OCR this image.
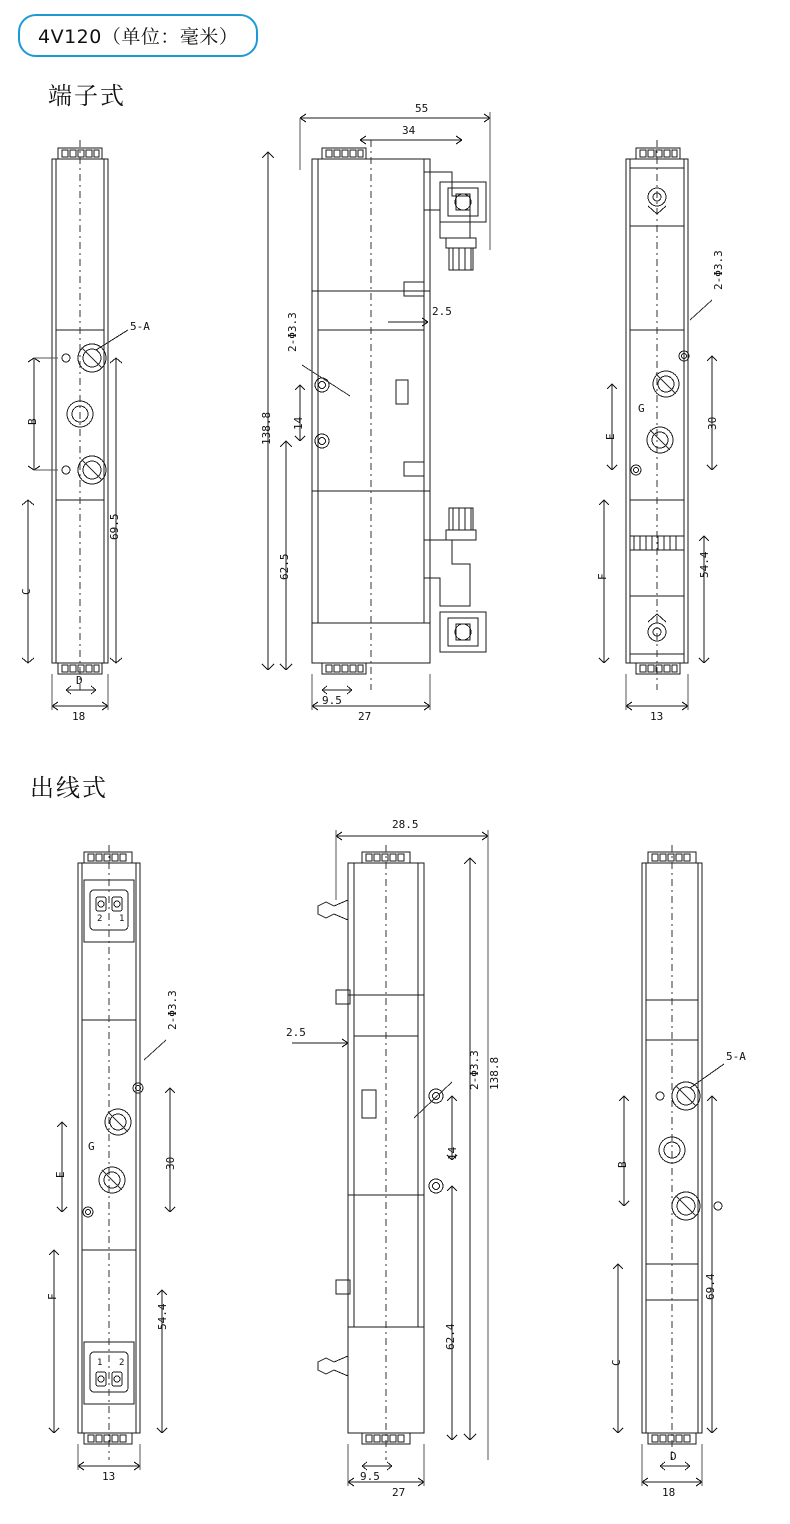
4V120（单位：毫米）
端子式
出线式
5-A
B
C
69.5
D
18
55
34
2.5
2-Φ3.3
138.8 14
62.5
9.5
27
2-Φ3.3
E
G
30
F	54.4
13
2 1
1 2
2-Φ3.3
E
G
30
F
54.4
13
28.5
2.5
2-Φ3.3 138.8
14
62.4
9.5
27
5-A
B
C
69.4
D
18
